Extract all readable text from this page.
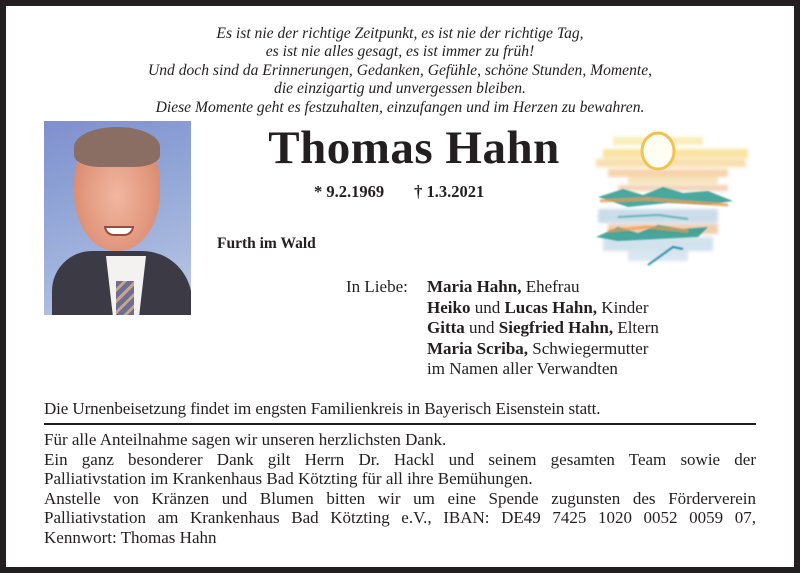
Es ist nie der richtige Zeitpunkt, es ist nie der richtige Tag,
es ist nie alles gesagt, es ist immer zu früh!
Und doch sind da Erinnerungen, Gedanken, Gefühle, schöne Stunden, Momente,
die einzigartig und unvergessen bleiben.
Diese Momente geht es festzuhalten, einzufangen und im Herzen zu bewahren.
Thomas Hahn
* 9.2.1969 † 1.3.2021
Furth im Wald
In Liebe: Maria Hahn, Ehefrau
Heiko und Lucas Hahn, Kinder
Gitta und Siegfried Hahn, Eltern
Maria Scriba, Schwiegermutter
im Namen aller Verwandten
Die Urnenbeisetzung findet im engsten Familienkreis in Bayerisch Eisenstein statt.
Für alle Anteilnahme sagen wir unseren herzlichsten Dank.
Ein ganz besonderer Dank gilt Herrn Dr. Hackl und seinem gesamten Team sowie der
Palliativstation im Krankenhaus Bad Kötzting für all ihre Bemühungen.
Anstelle von Kränzen und Blumen bitten wir um eine Spende zugunsten des Förderverein
Palliativstation am Krankenhaus Bad Kötzting e.V., IBAN: DE49 7425 1020 0052 0059 07,
Kennwort: Thomas Hahn
